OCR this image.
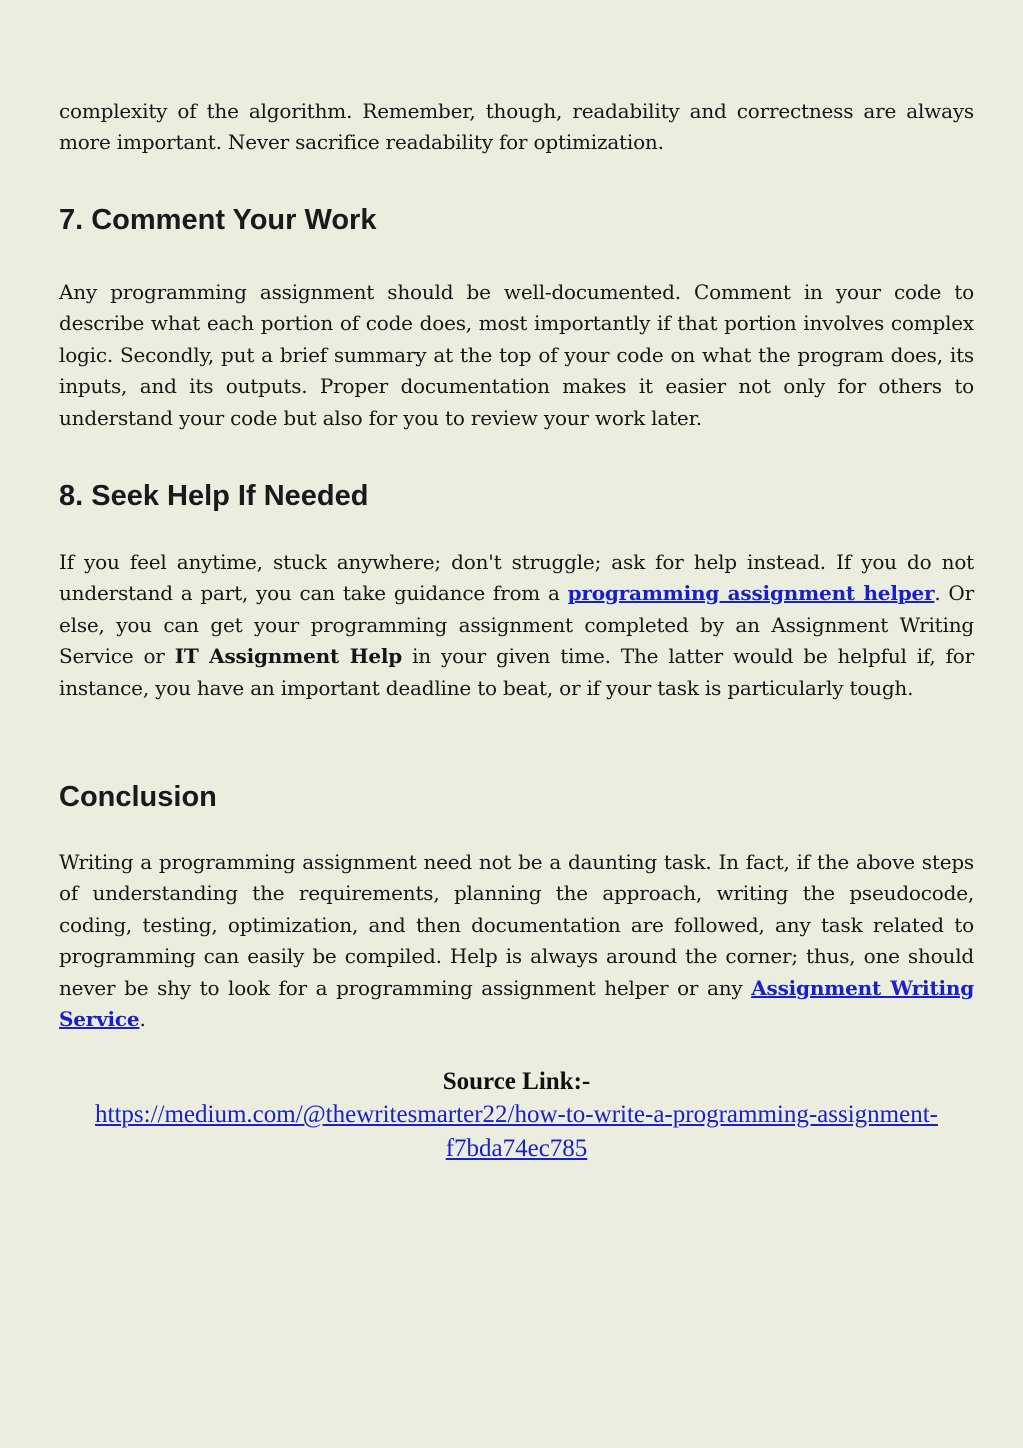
complexity of the algorithm. Remember, though, readability and correctness are always more important. Never sacrifice readability for optimization.

7. Comment Your Work

Any programming assignment should be well-documented. Comment in your code to describe what each portion of code does, most importantly if that portion involves complex logic. Secondly, put a brief summary at the top of your code on what the program does, its inputs, and its outputs. Proper documentation makes it easier not only for others to understand your code but also for you to review your work later.

8. Seek Help If Needed

If you feel anytime, stuck anywhere; don't struggle; ask for help instead. If you do not understand a part, you can take guidance from a programming assignment helper. Or else, you can get your programming assignment completed by an Assignment Writing Service or IT Assignment Help in your given time. The latter would be helpful if, for instance, you have an important deadline to beat, or if your task is particularly tough.

Conclusion

Writing a programming assignment need not be a daunting task. In fact, if the above steps of understanding the requirements, planning the approach, writing the pseudocode, coding, testing, optimization, and then documentation are followed, any task related to programming can easily be compiled. Help is always around the corner; thus, one should never be shy to look for a programming assignment helper or any Assignment Writing Service.

Source Link:-
https://medium.com/@thewritesmarter22/how-to-write-a-programming-assignment-
f7bda74ec785
